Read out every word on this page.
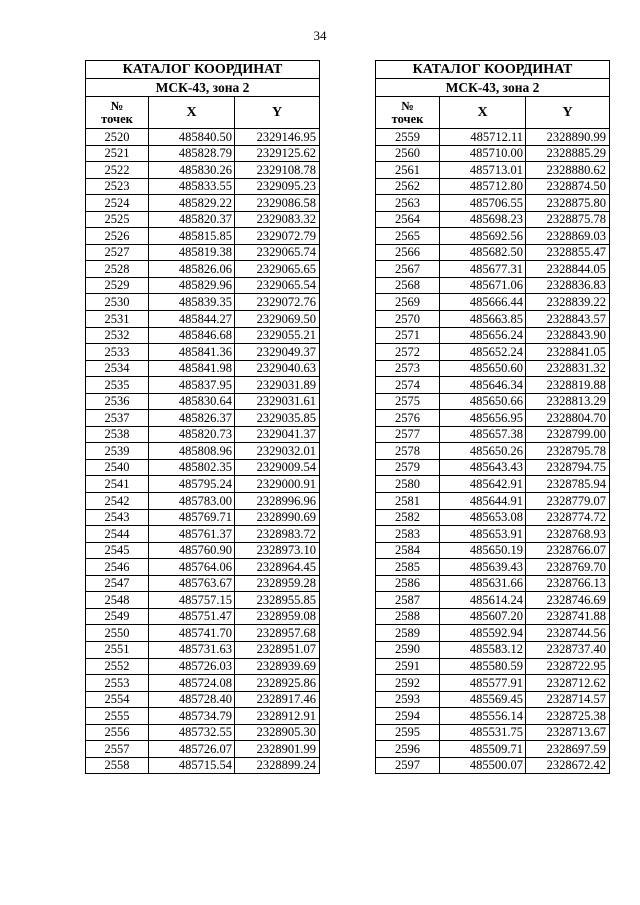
34
КАТАЛОГ КООРДИНАТ		
МСК-43, зона 2		
№
точек	X	Y
2520	485840.50	2329146.95
2521	485828.79	2329125.62
2522	485830.26	2329108.78
2523	485833.55	2329095.23
2524	485829.22	2329086.58
2525	485820.37	2329083.32
2526	485815.85	2329072.79
2527	485819.38	2329065.74
2528	485826.06	2329065.65
2529	485829.96	2329065.54
2530	485839.35	2329072.76
2531	485844.27	2329069.50
2532	485846.68	2329055.21
2533	485841.36	2329049.37
2534	485841.98	2329040.63
2535	485837.95	2329031.89
2536	485830.64	2329031.61
2537	485826.37	2329035.85
2538	485820.73	2329041.37
2539	485808.96	2329032.01
2540	485802.35	2329009.54
2541	485795.24	2329000.91
2542	485783.00	2328996.96
2543	485769.71	2328990.69
2544	485761.37	2328983.72
2545	485760.90	2328973.10
2546	485764.06	2328964.45
2547	485763.67	2328959.28
2548	485757.15	2328955.85
2549	485751.47	2328959.08
2550	485741.70	2328957.68
2551	485731.63	2328951.07
2552	485726.03	2328939.69
2553	485724.08	2328925.86
2554	485728.40	2328917.46
2555	485734.79	2328912.91
2556	485732.55	2328905.30
2557	485726.07	2328901.99
2558	485715.54	2328899.24
КАТАЛОГ КООРДИНАТ		
МСК-43, зона 2		
№
точек	X	Y
2559	485712.11	2328890.99
2560	485710.00	2328885.29
2561	485713.01	2328880.62
2562	485712.80	2328874.50
2563	485706.55	2328875.80
2564	485698.23	2328875.78
2565	485692.56	2328869.03
2566	485682.50	2328855.47
2567	485677.31	2328844.05
2568	485671.06	2328836.83
2569	485666.44	2328839.22
2570	485663.85	2328843.57
2571	485656.24	2328843.90
2572	485652.24	2328841.05
2573	485650.60	2328831.32
2574	485646.34	2328819.88
2575	485650.66	2328813.29
2576	485656.95	2328804.70
2577	485657.38	2328799.00
2578	485650.26	2328795.78
2579	485643.43	2328794.75
2580	485642.91	2328785.94
2581	485644.91	2328779.07
2582	485653.08	2328774.72
2583	485653.91	2328768.93
2584	485650.19	2328766.07
2585	485639.43	2328769.70
2586	485631.66	2328766.13
2587	485614.24	2328746.69
2588	485607.20	2328741.88
2589	485592.94	2328744.56
2590	485583.12	2328737.40
2591	485580.59	2328722.95
2592	485577.91	2328712.62
2593	485569.45	2328714.57
2594	485556.14	2328725.38
2595	485531.75	2328713.67
2596	485509.71	2328697.59
2597	485500.07	2328672.42
